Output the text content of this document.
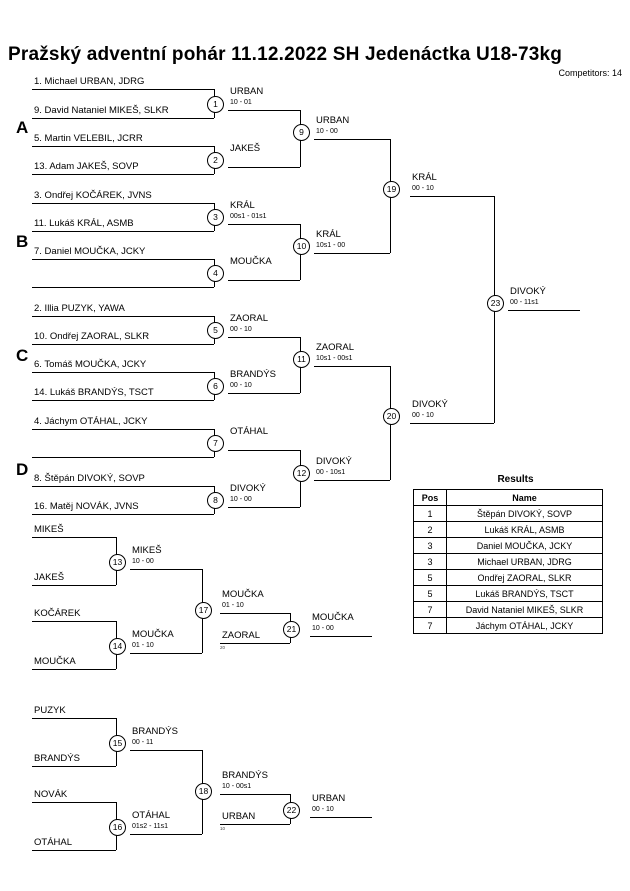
Pražský adventní pohár 11.12.2022 SH Jedenáctka U18-73kg
Competitors: 14
A
B
C
D
1. Michael URBAN, JDRG
9. David Nataniel MIKEŠ, SLKR
5. Martin VELEBIL, JCRR
13. Adam JAKEŠ, SOVP
3. Ondřej KOČÁREK, JVNS
11. Lukáš KRÁL, ASMB
7. Daniel MOUČKA, JCKY
2. Illia PUZYK, YAWA
10. Ondřej ZAORAL, SLKR
6. Tomáš MOUČKA, JCKY
14. Lukáš BRANDÝS, TSCT
4. Jáchym OTÁHAL, JCKY
8. Štěpán DIVOKÝ, SOVP
16. Matěj NOVÁK, JVNS
1
URBAN
10 - 01
2
JAKEŠ
3
KRÁL
00s1 - 01s1
4
MOUČKA
5
ZAORAL
00 - 10
6
BRANDÝS
00 - 10
7
OTÁHAL
8
DIVOKÝ
10 - 00
9
URBAN
10 - 00
10
KRÁL
10s1 - 00
11
ZAORAL
10s1 - 00s1
12
DIVOKÝ
00 - 10s1
19
KRÁL
00 - 10
20
DIVOKÝ
00 - 10
23
DIVOKÝ
00 - 11s1
MIKEŠ
JAKEŠ
13
MIKEŠ
10 - 00
KOČÁREK
MOUČKA
14
MOUČKA
01 - 10
17
MOUČKA
01 - 10
ZAORAL
20
21
MOUČKA
10 - 00
PUZYK
BRANDÝS
15
BRANDÝS
00 - 11
NOVÁK
OTÁHAL
16
OTÁHAL
01s2 - 11s1
18
BRANDÝS
10 - 00s1
URBAN
10
22
URBAN
00 - 10
Results
Pos	Name
1	Štěpán DIVOKÝ, SOVP
2	Lukáš KRÁL, ASMB
3	Daniel MOUČKA, JCKY
3	Michael URBAN, JDRG
5	Ondřej ZAORAL, SLKR
5	Lukáš BRANDÝS, TSCT
7	David Nataniel MIKEŠ, SLKR
7	Jáchym OTÁHAL, JCKY
